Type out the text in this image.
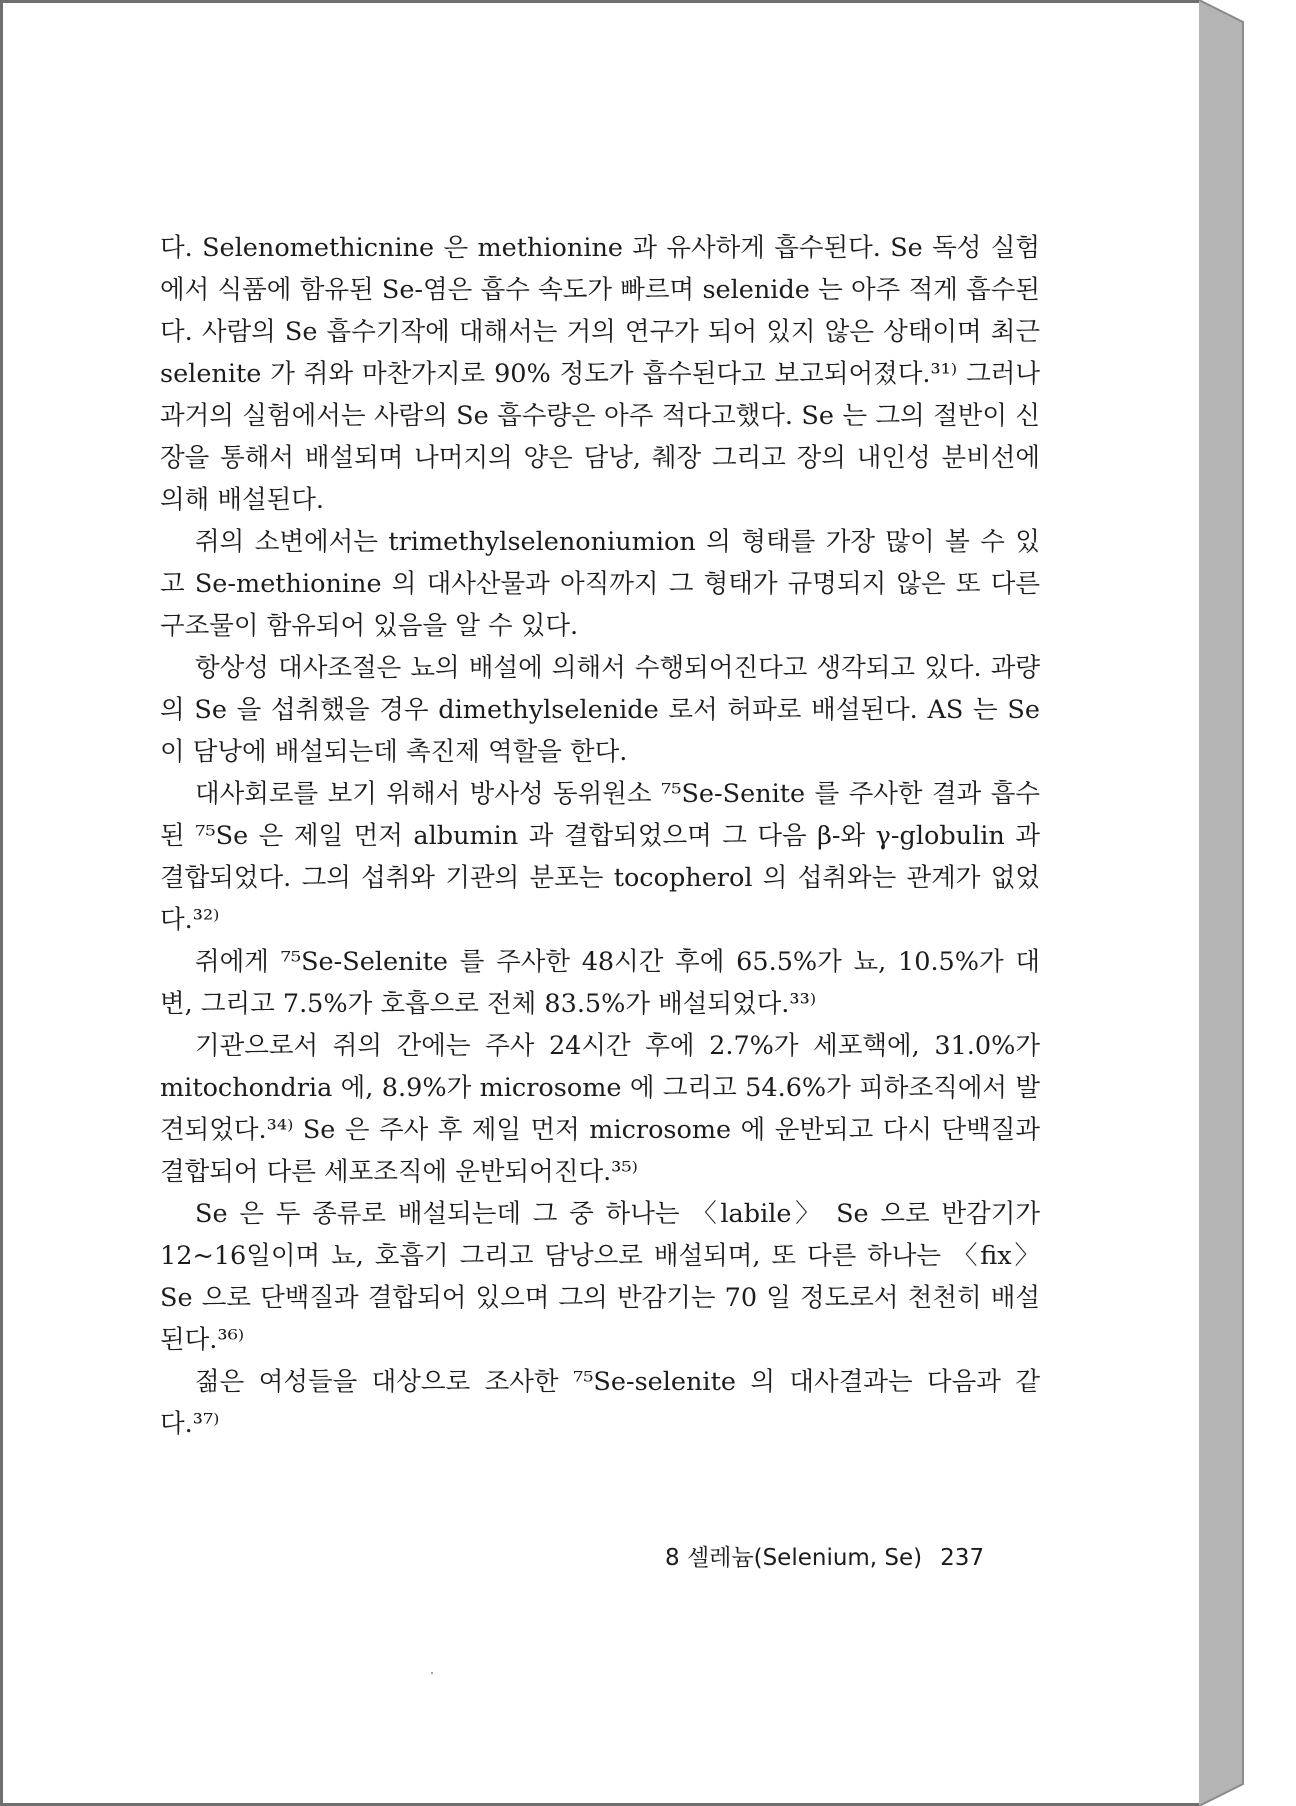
다. Selenomethicnine 은 methionine 과 유사하게 흡수된다. Se 독성 실험에서 식품에 함유된 Se-염은 흡수 속도가 빠르며 selenide 는 아주 적게 흡수된다. 사람의 Se 흡수기작에 대해서는 거의 연구가 되어 있지 않은 상태이며 최근 selenite 가 쥐와 마찬가지로 90% 정도가 흡수된다고 보고되어졌다.³¹⁾ 그러나 과거의 실험에서는 사람의 Se 흡수량은 아주 적다고했다. Se 는 그의 절반이 신장을 통해서 배설되며 나머지의 양은 담낭, 췌장 그리고 장의 내인성 분비선에 의해 배설된다.

쥐의 소변에서는 trimethylselenoniumion 의 형태를 가장 많이 볼 수 있고 Se-methionine 의 대사산물과 아직까지 그 형태가 규명되지 않은 또 다른 구조물이 함유되어 있음을 알 수 있다.

항상성 대사조절은 뇨의 배설에 의해서 수행되어진다고 생각되고 있다. 과량의 Se 을 섭취했을 경우 dimethylselenide 로서 허파로 배설된다. AS 는 Se 이 담낭에 배설되는데 촉진제 역할을 한다.

대사회로를 보기 위해서 방사성 동위원소 ⁷⁵Se-Senite 를 주사한 결과 흡수된 ⁷⁵Se 은 제일 먼저 albumin 과 결합되었으며 그 다음 β-와 γ-globulin 과 결합되었다. 그의 섭취와 기관의 분포는 tocopherol 의 섭취와는 관계가 없었다.³²⁾

쥐에게 ⁷⁵Se-Selenite 를 주사한 48시간 후에 65.5%가 뇨, 10.5%가 대변, 그리고 7.5%가 호흡으로 전체 83.5%가 배설되었다.³³⁾

기관으로서 쥐의 간에는 주사 24시간 후에 2.7%가 세포핵에, 31.0%가 mitochondria 에, 8.9%가 microsome 에 그리고 54.6%가 피하조직에서 발견되었다.³⁴⁾ Se 은 주사 후 제일 먼저 microsome 에 운반되고 다시 단백질과 결합되어 다른 세포조직에 운반되어진다.³⁵⁾

Se 은 두 종류로 배설되는데 그 중 하나는 〈labile〉 Se 으로 반감기가 12~16일이며 뇨, 호흡기 그리고 담낭으로 배설되며, 또 다른 하나는 〈fix〉 Se 으로 단백질과 결합되어 있으며 그의 반감기는 70 일 정도로서 천천히 배설된다.³⁶⁾

젊은 여성들을 대상으로 조사한 ⁷⁵Se-selenite 의 대사결과는 다음과 같다.³⁷⁾

8 셀레늄(Selenium, Se) 237
